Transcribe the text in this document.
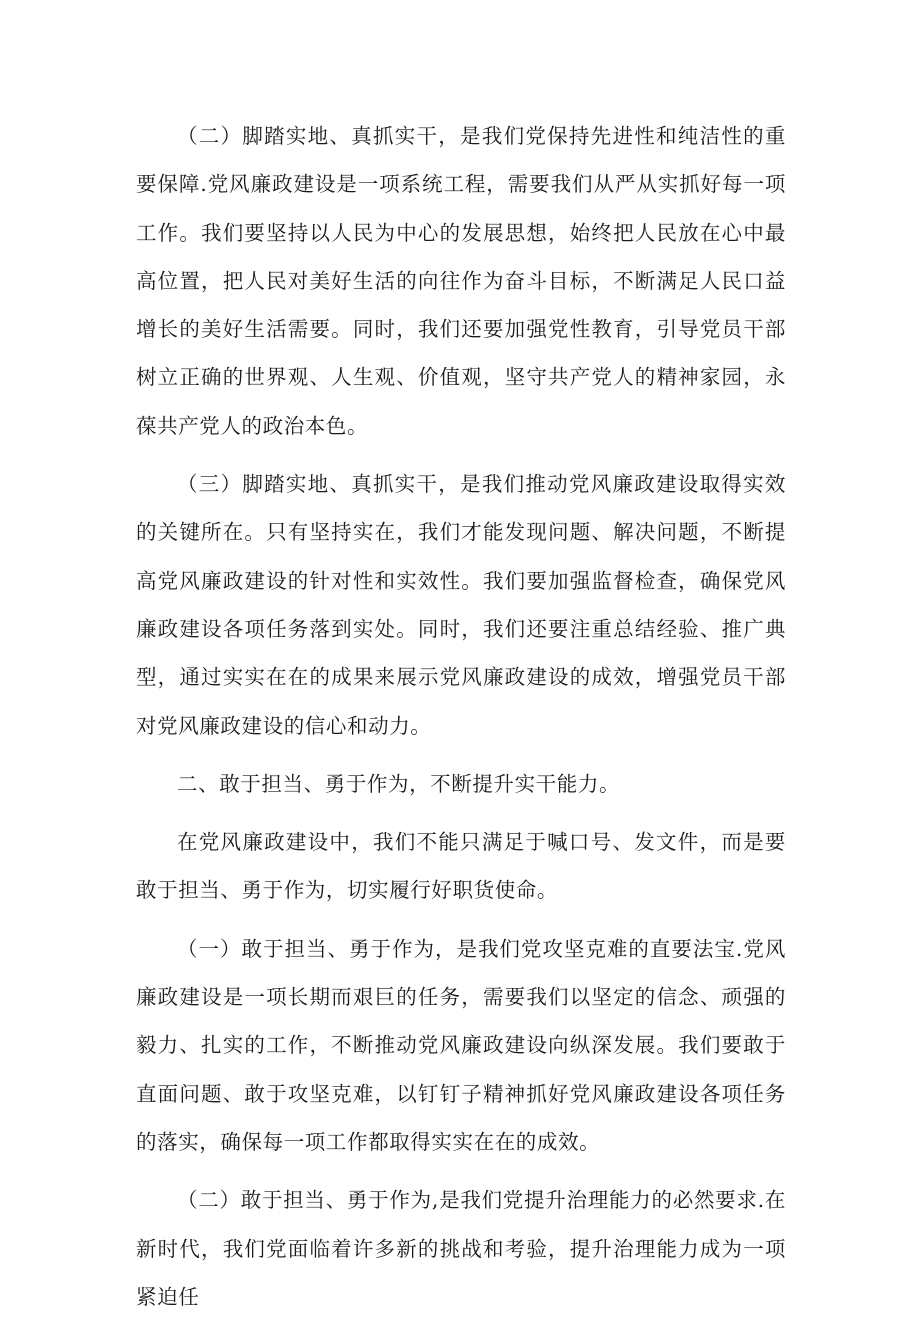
（二）脚踏实地、真抓实干，是我们党保持先进性和纯洁性的重要保障.党风廉政建设是一项系统工程，需要我们从严从实抓好每一项工作。我们要坚持以人民为中心的发展思想，始终把人民放在心中最高位置，把人民对美好生活的向往作为奋斗目标，不断满足人民口益增长的美好生活需要。同时，我们还要加强党性教育，引导党员干部树立正确的世界观、人生观、价值观，坚守共产党人的精神家园，永葆共产党人的政治本色。

（三）脚踏实地、真抓实干，是我们推动党风廉政建设取得实效的关键所在。只有坚持实在，我们才能发现问题、解决问题，不断提高党风廉政建设的针对性和实效性。我们要加强监督检查，确保党风廉政建设各项任务落到实处。同时，我们还要注重总结经验、推广典型，通过实实在在的成果来展示党风廉政建设的成效，增强党员干部对党风廉政建设的信心和动力。

二、敢于担当、勇于作为，不断提升实干能力。

在党风廉政建设中，我们不能只满足于喊口号、发文件，而是要敢于担当、勇于作为，切实履行好职货使命。

（一）敢于担当、勇于作为，是我们党攻坚克难的直要法宝.党风廉政建设是一项长期而艰巨的任务，需要我们以坚定的信念、顽强的毅力、扎实的工作，不断推动党风廉政建设向纵深发展。我们要敢于直面问题、敢于攻坚克难，以钉钉子精神抓好党风廉政建设各项任务的落实，确保每一项工作都取得实实在在的成效。

（二）敢于担当、勇于作为,是我们党提升治理能力的必然要求.在新时代，我们党面临着许多新的挑战和考验，提升治理能力成为一项紧迫任
